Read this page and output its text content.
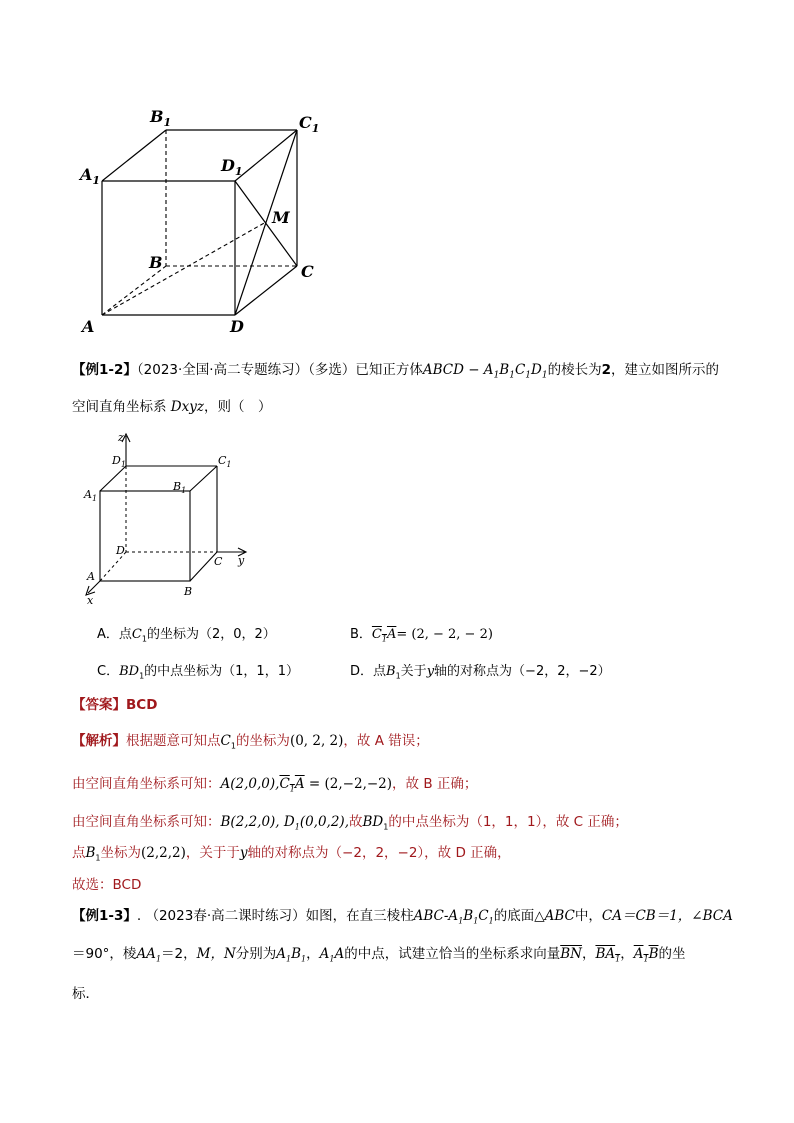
$B_1$	$C_1$
$A_1$
$D_1$
M
B	C
A	D
【例1-2】（2023·全国·高二专题练习）（多选）已知正方体ABCD − $A_1B_1C_1D_1$的棱长为2，建立如图所示的
空间直角坐标系 Dxyz，则（　）
z
y
x
$D_1$	$C_1$
$A_1$
$B_1$
D
C
A
B
A．点$C_1$的坐标为（2，0，2）	B．$C_1A= (2$, − 2, − 2)
C．$BD_1$的中点坐标为（1，1，1）	D．点$B_1$关于y轴的对称点为（−2，2，−2）
【答案】BCD
【解析】根据题意可知点$C_1$的坐标为(0, 2, 2)，故 A 错误；
由空间直角坐标系可知：$A(2,0,0),C_1A = (2,-2,-2)$，故 B 正确；
由空间直角坐标系可知：B(2,2,0), $D_1(0,0,2)$,故$BD_1$的中点坐标为（1，1，1），故 C 正确；
点$B_1$坐标为(2,2,2)，关于于y轴的对称点为（−2，2，−2），故 D 正确，
故选：BCD
【例1-3】. （2023春·高二课时练习）如图，在直三棱柱ABC-$A_1B_1C_1$的底面△ABC中，CA＝CB＝1，∠BCA
＝90°，棱$AA_1=2$，M，N分别为$A_1B_1$，$A_1A$的中点，试建立恰当的坐标系求向量$\overline{BN}$，$BA_1$，$A_1B$的坐
标．
